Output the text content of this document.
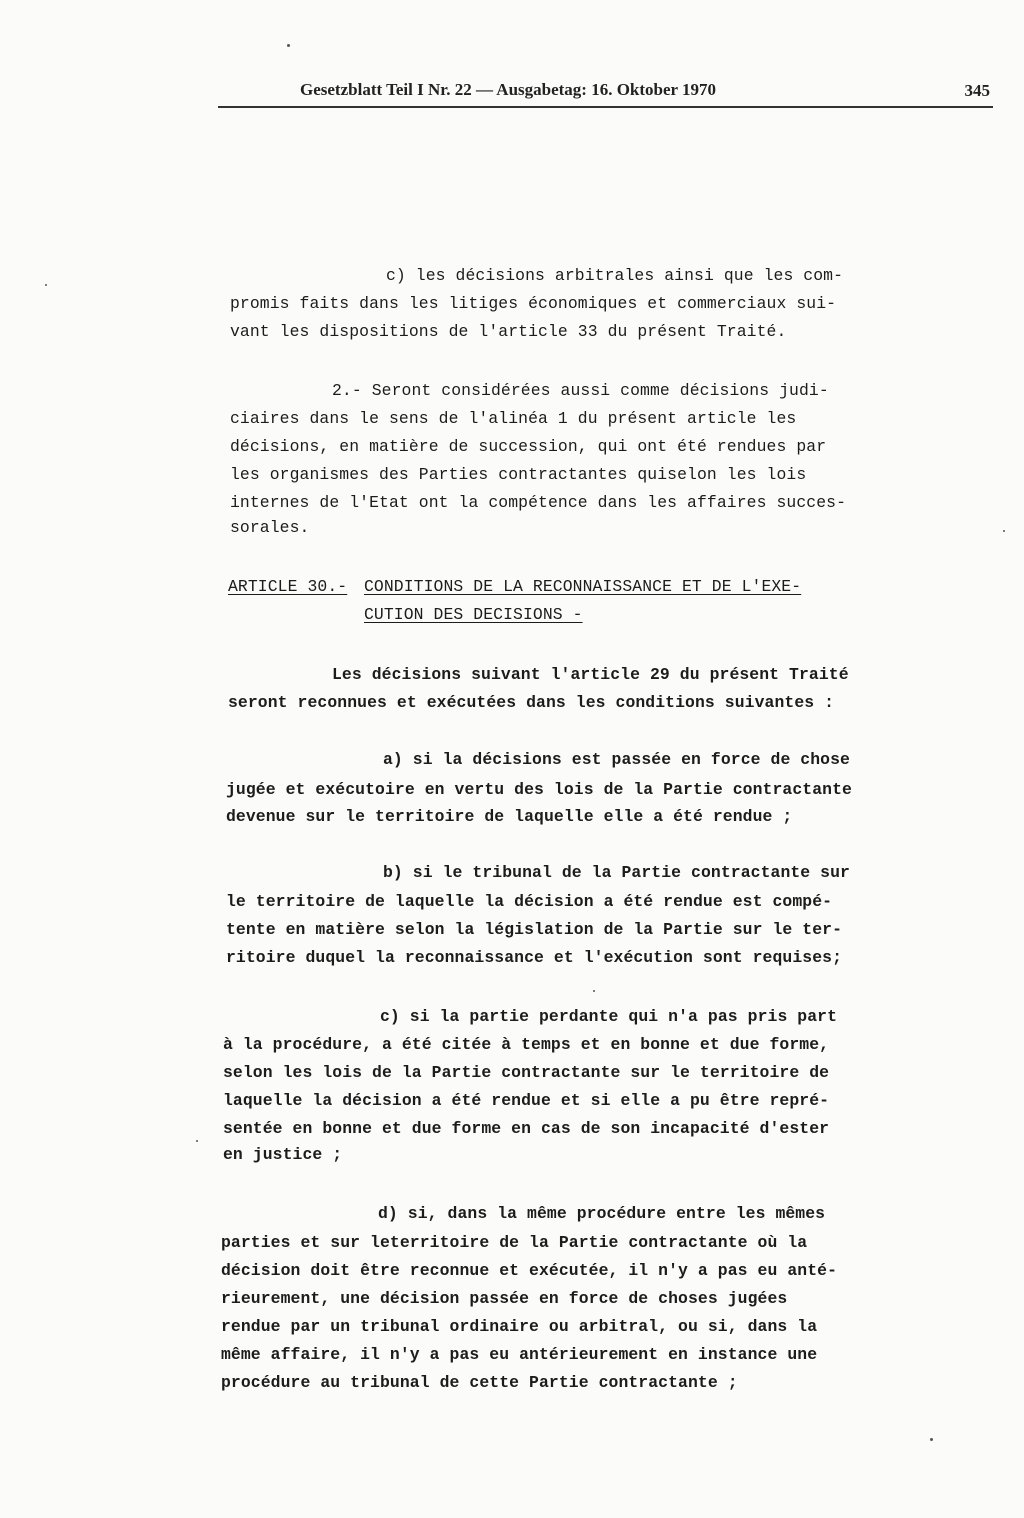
Gesetzblatt Teil I Nr. 22 — Ausgabetag: 16. Oktober 1970	345
c) les décisions arbitrales ainsi que les com-
promis faits dans les litiges économiques et commerciaux sui-
vant les dispositions de l'article 33 du présent Traité.
2.- Seront considérées aussi comme décisions judi-
ciaires dans le sens de l'alinéa 1 du présent article les
décisions, en matière de succession, qui ont été rendues par
les organismes des Parties contractantes quiselon les lois
internes de l'Etat ont la compétence dans les affaires succes-
sorales.
ARTICLE 30.- CONDITIONS DE LA RECONNAISSANCE ET DE L'EXE-
CUTION DES DECISIONS -
Les décisions suivant l'article 29 du présent Traité
seront reconnues et exécutées dans les conditions suivantes :
a) si la décisions est passée en force de chose
jugée et exécutoire en vertu des lois de la Partie contractante
devenue sur le territoire de laquelle elle a été rendue ;
b) si le tribunal de la Partie contractante sur
le territoire de laquelle la décision a été rendue est compé-
tente en matière selon la législation de la Partie sur le ter-
ritoire duquel la reconnaissance et l'exécution sont requises;
c) si la partie perdante qui n'a pas pris part
à la procédure, a été citée à temps et en bonne et due forme,
selon les lois de la Partie contractante sur le territoire de
laquelle la décision a été rendue et si elle a pu être repré-
sentée en bonne et due forme en cas de son incapacité d'ester
en justice ;
d) si, dans la même procédure entre les mêmes
parties et sur leterritoire de la Partie contractante où la
décision doit être reconnue et exécutée, il n'y a pas eu anté-
rieurement, une décision passée en force de choses jugées
rendue par un tribunal ordinaire ou arbitral, ou si, dans la
même affaire, il n'y a pas eu antérieurement en instance une
procédure au tribunal de cette Partie contractante ;
